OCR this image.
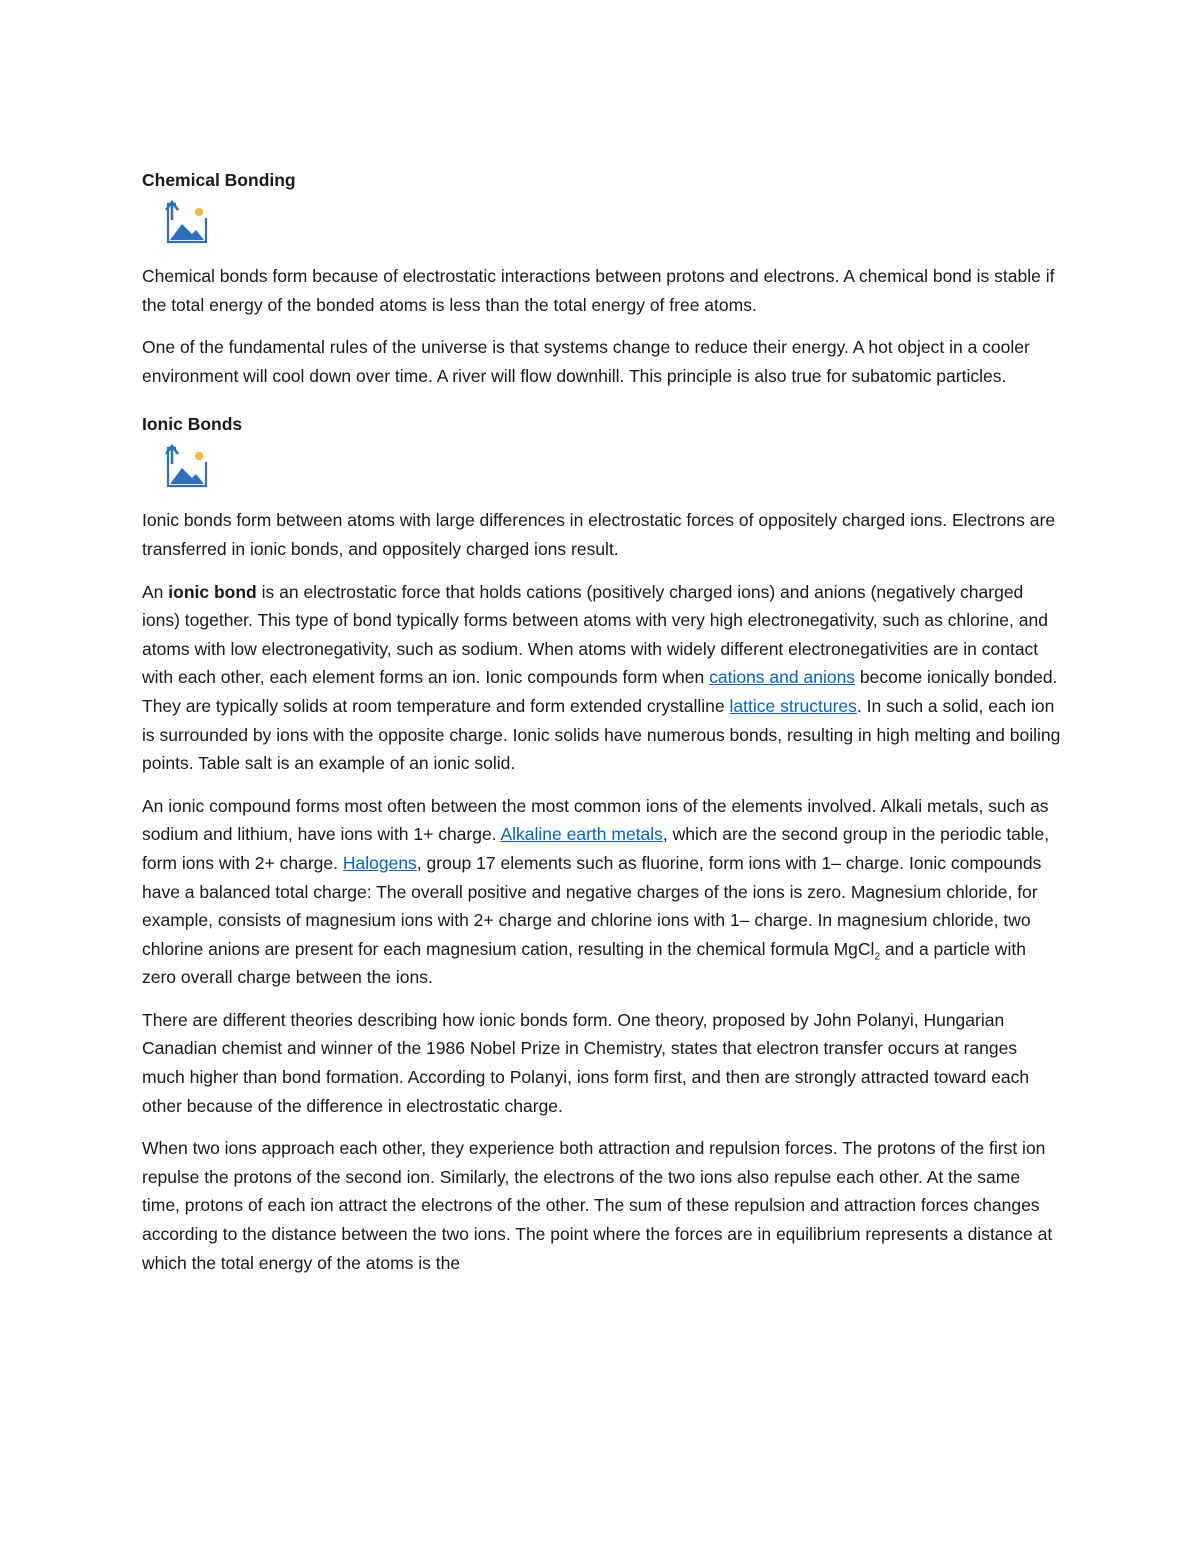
Chemical Bonding

Chemical bonds form because of electrostatic interactions between protons and electrons. A chemical bond is stable if the total energy of the bonded atoms is less than the total energy of free atoms.

One of the fundamental rules of the universe is that systems change to reduce their energy. A hot object in a cooler environment will cool down over time. A river will flow downhill. This principle is also true for subatomic particles.

Ionic Bonds

Ionic bonds form between atoms with large differences in electrostatic forces of oppositely charged ions. Electrons are transferred in ionic bonds, and oppositely charged ions result.

An ionic bond is an electrostatic force that holds cations (positively charged ions) and anions (negatively charged ions) together. This type of bond typically forms between atoms with very high electronegativity, such as chlorine, and atoms with low electronegativity, such as sodium. When atoms with widely different electronegativities are in contact with each other, each element forms an ion. Ionic compounds form when cations and anions become ionically bonded. They are typically solids at room temperature and form extended crystalline lattice structures. In such a solid, each ion is surrounded by ions with the opposite charge. Ionic solids have numerous bonds, resulting in high melting and boiling points. Table salt is an example of an ionic solid.

An ionic compound forms most often between the most common ions of the elements involved. Alkali metals, such as sodium and lithium, have ions with 1+ charge. Alkaline earth metals, which are the second group in the periodic table, form ions with 2+ charge. Halogens, group 17 elements such as fluorine, form ions with 1– charge. Ionic compounds have a balanced total charge: The overall positive and negative charges of the ions is zero. Magnesium chloride, for example, consists of magnesium ions with 2+ charge and chlorine ions with 1– charge. In magnesium chloride, two chlorine anions are present for each magnesium cation, resulting in the chemical formula MgCl$_2$ and a particle with zero overall charge between the ions.

There are different theories describing how ionic bonds form. One theory, proposed by John Polanyi, Hungarian Canadian chemist and winner of the 1986 Nobel Prize in Chemistry, states that electron transfer occurs at ranges much higher than bond formation. According to Polanyi, ions form first, and then are strongly attracted toward each other because of the difference in electrostatic charge.

When two ions approach each other, they experience both attraction and repulsion forces. The protons of the first ion repulse the protons of the second ion. Similarly, the electrons of the two ions also repulse each other. At the same time, protons of each ion attract the electrons of the other. The sum of these repulsion and attraction forces changes according to the distance between the two ions. The point where the forces are in equilibrium represents a distance at which the total energy of the atoms is the
